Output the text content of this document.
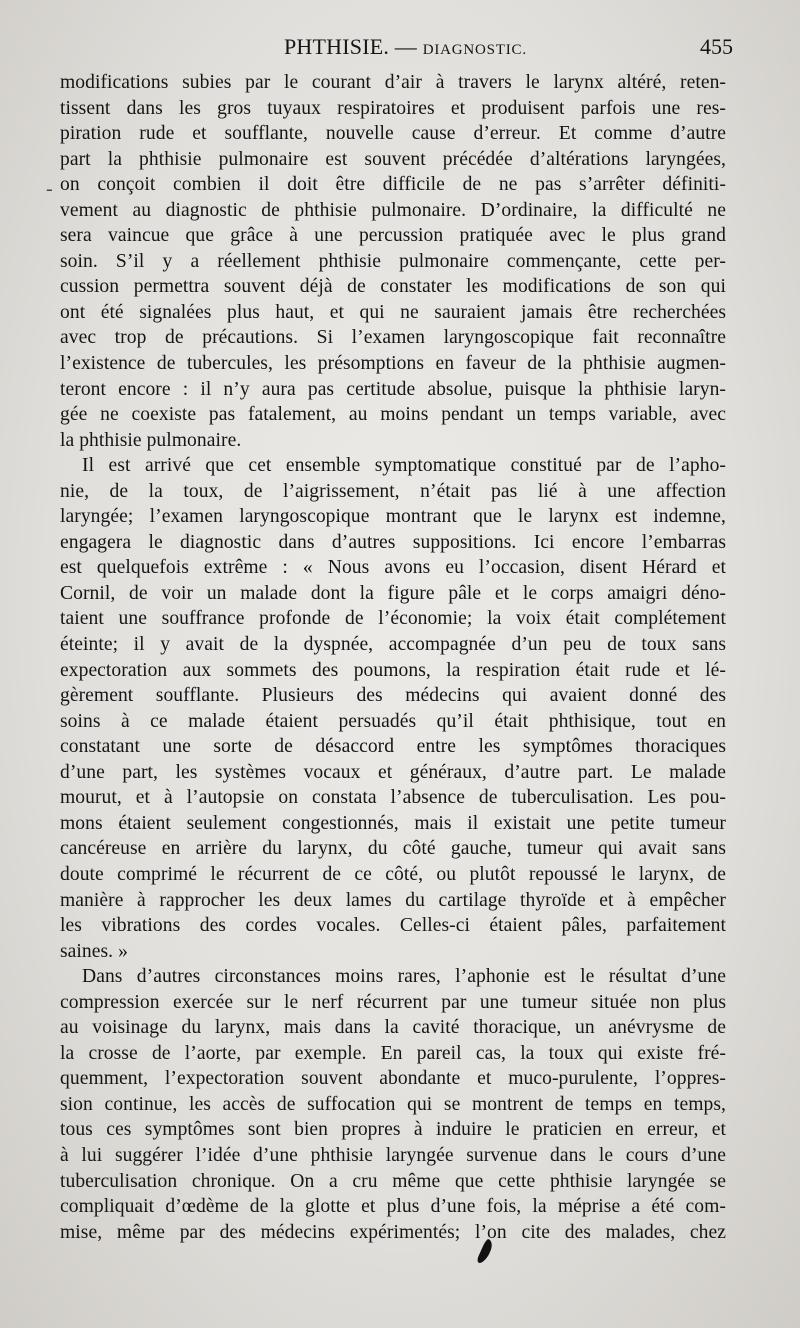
PHTHISIE. — DIAGNOSTIC.	455
-
modifications subies par le courant d’air à travers le larynx altéré, reten-
tissent dans les gros tuyaux respiratoires et produisent parfois une res-
piration rude et soufflante, nouvelle cause d’erreur. Et comme d’autre
part la phthisie pulmonaire est souvent précédée d’altérations laryngées,
on conçoit combien il doit être difficile de ne pas s’arrêter définiti-
vement au diagnostic de phthisie pulmonaire. D’ordinaire, la difficulté ne
sera vaincue que grâce à une percussion pratiquée avec le plus grand
soin. S’il y a réellement phthisie pulmonaire commençante, cette per-
cussion permettra souvent déjà de constater les modifications de son qui
ont été signalées plus haut, et qui ne sauraient jamais être recherchées
avec trop de précautions. Si l’examen laryngoscopique fait reconnaître
l’existence de tubercules, les présomptions en faveur de la phthisie augmen-
teront encore : il n’y aura pas certitude absolue, puisque la phthisie laryn-
gée ne coexiste pas fatalement, au moins pendant un temps variable, avec
la phthisie pulmonaire.
Il est arrivé que cet ensemble symptomatique constitué par de l’apho-
nie, de la toux, de l’aigrissement, n’était pas lié à une affection
laryngée; l’examen laryngoscopique montrant que le larynx est indemne,
engagera le diagnostic dans d’autres suppositions. Ici encore l’embarras
est quelquefois extrême : « Nous avons eu l’occasion, disent Hérard et
Cornil, de voir un malade dont la figure pâle et le corps amaigri déno-
taient une souffrance profonde de l’économie; la voix était complétement
éteinte; il y avait de la dyspnée, accompagnée d’un peu de toux sans
expectoration aux sommets des poumons, la respiration était rude et lé-
gèrement soufflante. Plusieurs des médecins qui avaient donné des
soins à ce malade étaient persuadés qu’il était phthisique, tout en
constatant une sorte de désaccord entre les symptômes thoraciques
d’une part, les systèmes vocaux et généraux, d’autre part. Le malade
mourut, et à l’autopsie on constata l’absence de tuberculisation. Les pou-
mons étaient seulement congestionnés, mais il existait une petite tumeur
cancéreuse en arrière du larynx, du côté gauche, tumeur qui avait sans
doute comprimé le récurrent de ce côté, ou plutôt repoussé le larynx, de
manière à rapprocher les deux lames du cartilage thyroïde et à empêcher
les vibrations des cordes vocales. Celles-ci étaient pâles, parfaitement
saines. »
Dans d’autres circonstances moins rares, l’aphonie est le résultat d’une
compression exercée sur le nerf récurrent par une tumeur située non plus
au voisinage du larynx, mais dans la cavité thoracique, un anévrysme de
la crosse de l’aorte, par exemple. En pareil cas, la toux qui existe fré-
quemment, l’expectoration souvent abondante et muco-purulente, l’oppres-
sion continue, les accès de suffocation qui se montrent de temps en temps,
tous ces symptômes sont bien propres à induire le praticien en erreur, et
à lui suggérer l’idée d’une phthisie laryngée survenue dans le cours d’une
tuberculisation chronique. On a cru même que cette phthisie laryngée se
compliquait d’œdème de la glotte et plus d’une fois, la méprise a été com-
mise, même par des médecins expérimentés; l’on cite des malades, chez
